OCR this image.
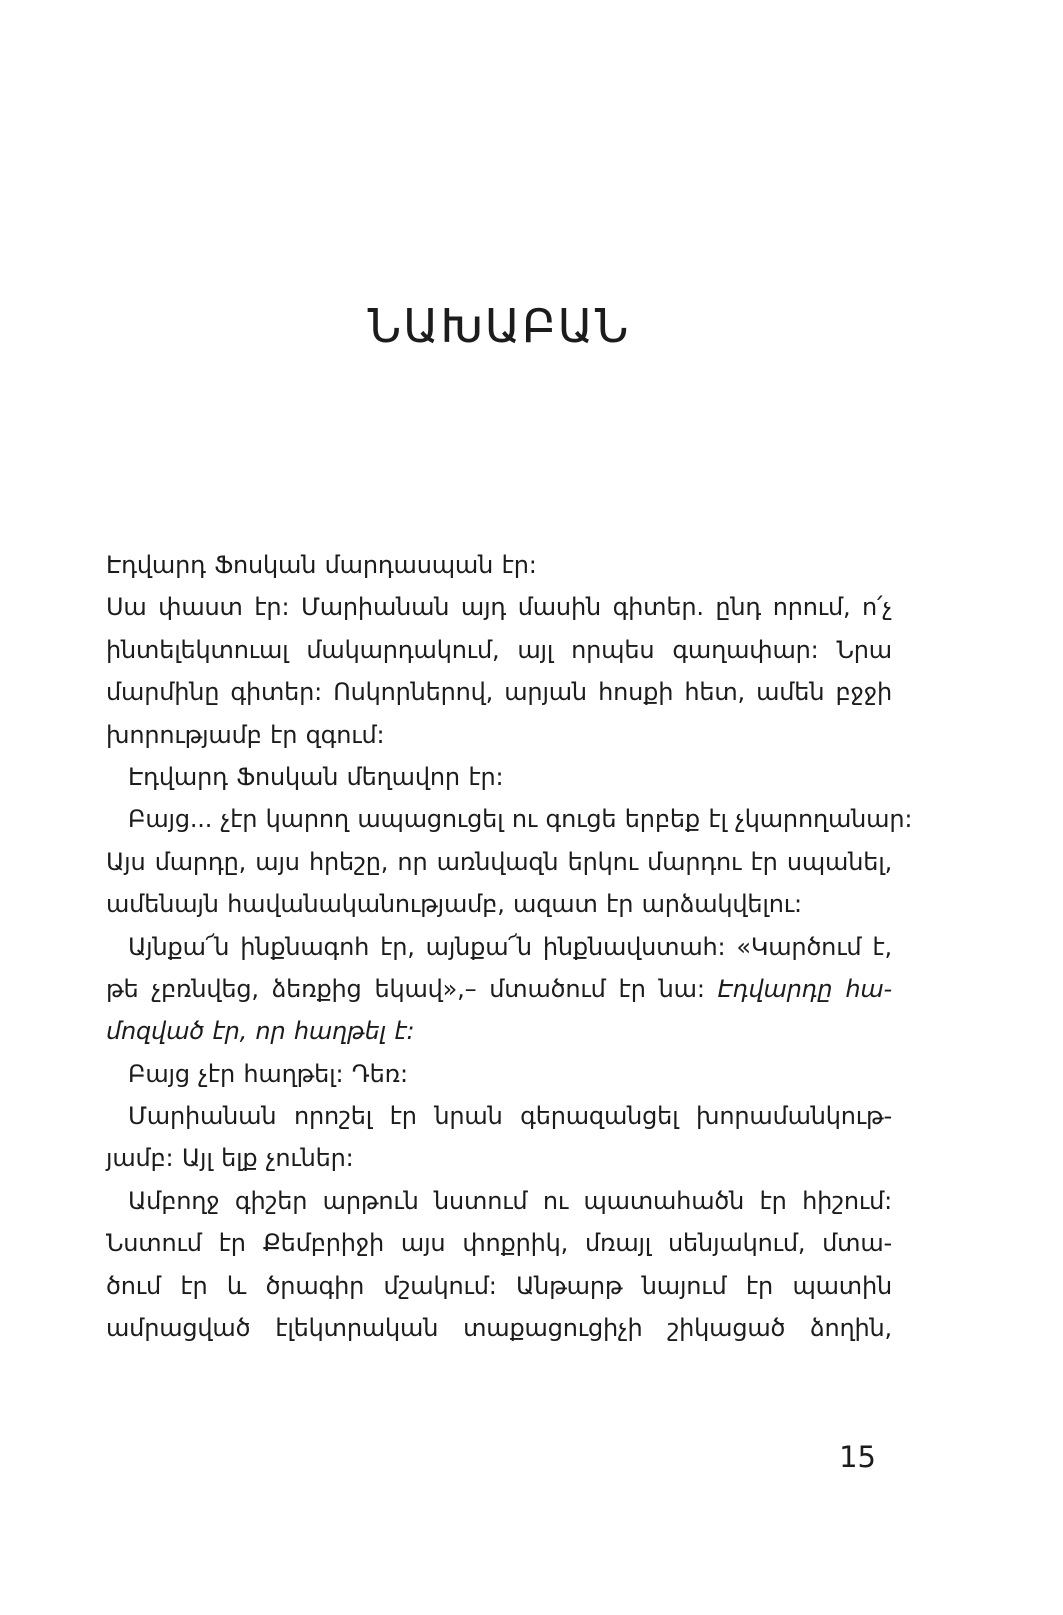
ՆԱԽԱԲԱՆ
Էդվարդ Ֆոսկան մարդասպան էր:
Սա փաստ էր: Մարիանան այդ մասին գիտեր. ընդ որում, ո՛չ
ինտելեկտուալ մակարդակում, այլ որպես գաղափար: Նրա
մարմինը գիտեր: Ոսկորներով, արյան հոսքի հետ, ամեն բջջի
խորությամբ էր զգում:
Էդվարդ Ֆոսկան մեղավոր էր:
Բայց... չէր կարող ապացուցել ու գուցե երբեք էլ չկարողանար:
Այս մարդը, այս հրեշը, որ առնվազն երկու մարդու էր սպանել,
ամենայն հավանականությամբ, ազատ էր արձակվելու:
Այնքա՜ն ինքնագոհ էր, այնքա՜ն ինքնավստահ: «Կարծում է,
թե չբռնվեց, ձեռքից եկավ»,– մտածում էր նա: Էդվարդը հա-
մոզված էր, որ հաղթել է:
Բայց չէր հաղթել: Դեռ:
Մարիանան որոշել էր նրան գերազանցել խորամանկութ-
յամբ: Այլ ելք չուներ:
Ամբողջ գիշեր արթուն նստում ու պատահածն էր հիշում:
Նստում էր Քեմբրիջի այս փոքրիկ, մռայլ սենյակում, մտա-
ծում էր և ծրագիր մշակում: Անթարթ նայում էր պատին
ամրացված էլեկտրական տաքացուցիչի շիկացած ձողին,
15
